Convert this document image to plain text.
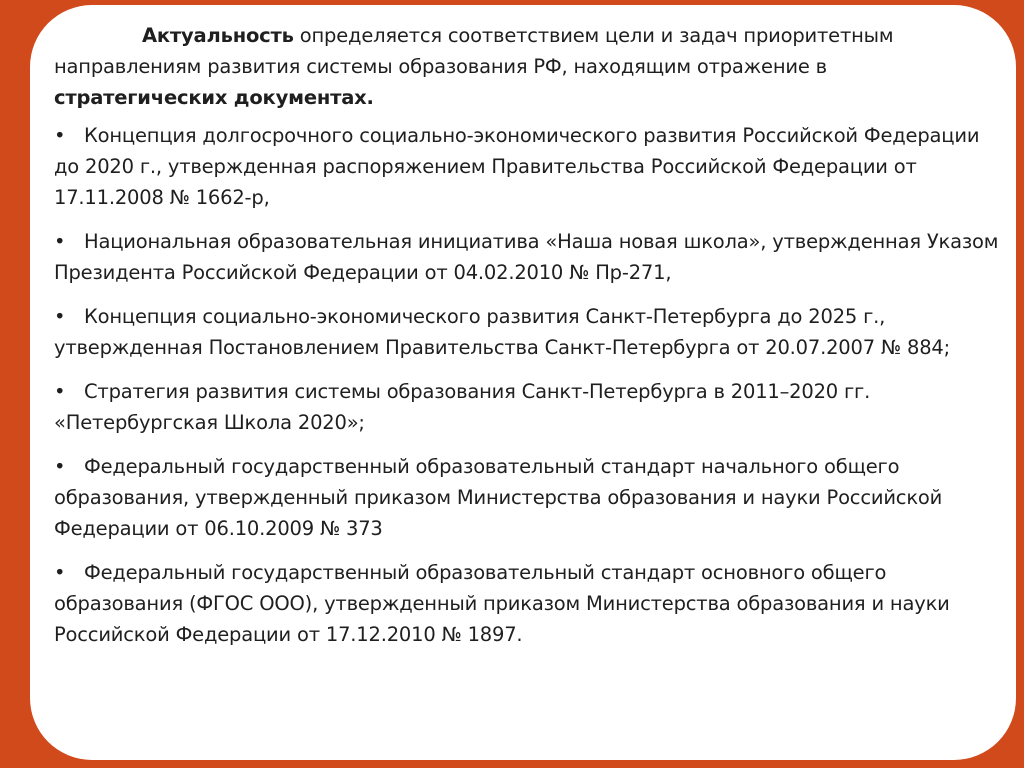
Актуальность определяется соответствием цели и задач приоритетным направлениям развития системы образования РФ, находящим отражение в стратегических документах.

• Концепция долгосрочного социально-экономического развития Российской Федерации до 2020 г., утвержденная распоряжением Правительства Российской Федерации от 17.11.2008 № 1662-р,
• Национальная образовательная инициатива «Наша новая школа», утвержденная Указом Президента Российской Федерации от 04.02.2010 № Пр-271,
• Концепция социально-экономического развития Санкт-Петербурга до 2025 г., утвержденная Постановлением Правительства Санкт-Петербурга от 20.07.2007 № 884;
• Стратегия развития системы образования Санкт-Петербурга в 2011–2020 гг. «Петербургская Школа 2020»;
• Федеральный государственный образовательный стандарт начального общего образования, утвержденный приказом Министерства образования и науки Российской Федерации от 06.10.2009 № 373
• Федеральный государственный образовательный стандарт основного общего образования (ФГОС ООО), утвержденный приказом Министерства образования и науки Российской Федерации от 17.12.2010 № 1897.
